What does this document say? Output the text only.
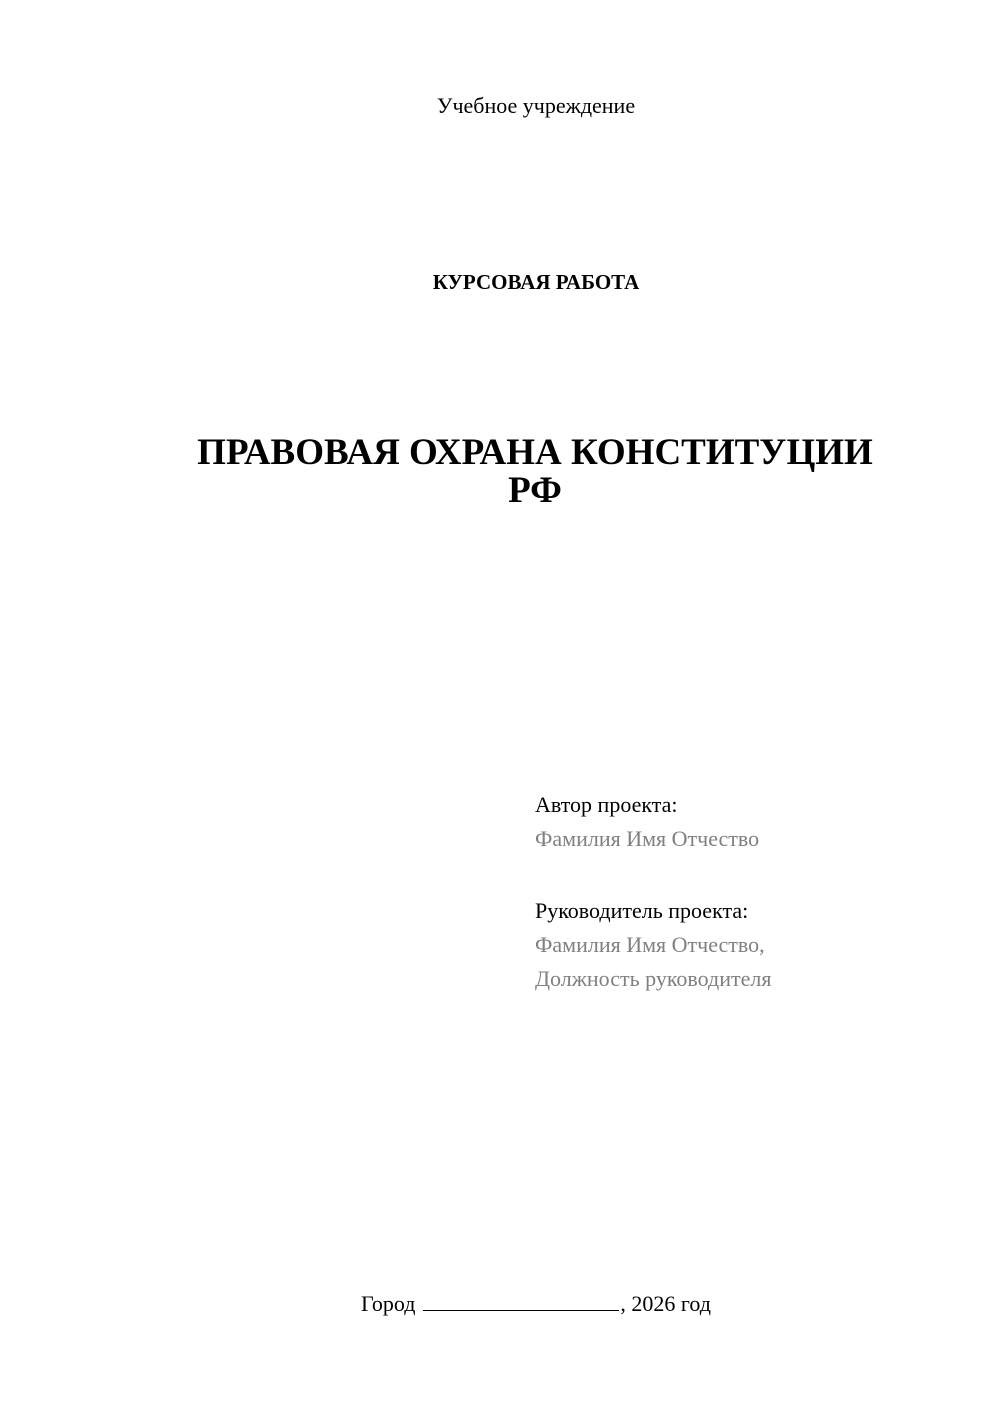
Учебное учреждение
КУРСОВАЯ РАБОТА
ПРАВОВАЯ ОХРАНА КОНСТИТУЦИИ
РФ
Автор проекта:
Фамилия Имя Отчество
Руководитель проекта:
Фамилия Имя Отчество,
Должность руководителя
Город	, 2026 год
